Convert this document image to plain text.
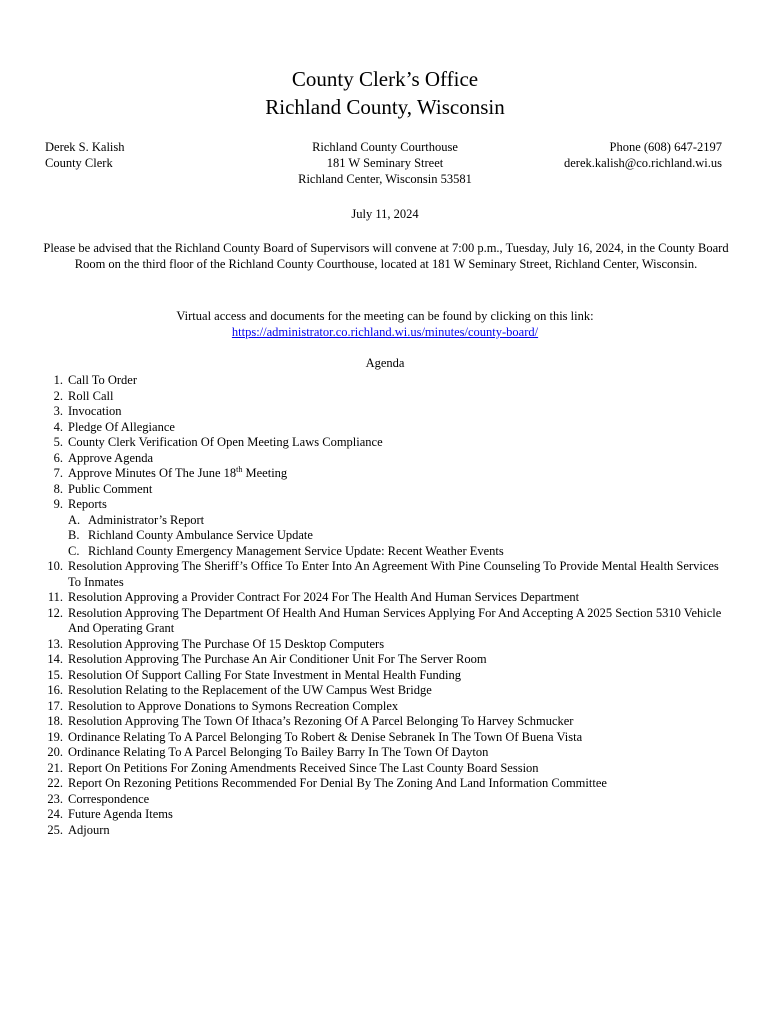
County Clerk’s Office
Richland County, Wisconsin
Derek S. Kalish
County Clerk
Richland County Courthouse
181 W Seminary Street
Richland Center, Wisconsin 53581
Phone (608) 647-2197
derek.kalish@co.richland.wi.us
July 11, 2024
Please be advised that the Richland County Board of Supervisors will convene at 7:00 p.m., Tuesday, July 16, 2024, in the County Board Room on the third floor of the Richland County Courthouse, located at 181 W Seminary Street, Richland Center, Wisconsin.
Virtual access and documents for the meeting can be found by clicking on this link:
https://administrator.co.richland.wi.us/minutes/county-board/
Agenda
1. Call To Order
2. Roll Call
3. Invocation
4. Pledge Of Allegiance
5. County Clerk Verification Of Open Meeting Laws Compliance
6. Approve Agenda
7. Approve Minutes Of The June 18th Meeting
8. Public Comment
9. Reports
A. Administrator’s Report
B. Richland County Ambulance Service Update
C. Richland County Emergency Management Service Update: Recent Weather Events
10. Resolution Approving The Sheriff’s Office To Enter Into An Agreement With Pine Counseling To Provide Mental Health Services To Inmates
11. Resolution Approving a Provider Contract For 2024 For The Health And Human Services Department
12. Resolution Approving The Department Of Health And Human Services Applying For And Accepting A 2025 Section 5310 Vehicle And Operating Grant
13. Resolution Approving The Purchase Of 15 Desktop Computers
14. Resolution Approving The Purchase An Air Conditioner Unit For The Server Room
15. Resolution Of Support Calling For State Investment in Mental Health Funding
16. Resolution Relating to the Replacement of the UW Campus West Bridge
17. Resolution to Approve Donations to Symons Recreation Complex
18. Resolution Approving The Town Of Ithaca’s Rezoning Of A Parcel Belonging To Harvey Schmucker
19. Ordinance Relating To A Parcel Belonging To Robert & Denise Sebranek In The Town Of Buena Vista
20. Ordinance Relating To A Parcel Belonging To Bailey Barry In The Town Of Dayton
21. Report On Petitions For Zoning Amendments Received Since The Last County Board Session
22. Report On Rezoning Petitions Recommended For Denial By The Zoning And Land Information Committee
23. Correspondence
24. Future Agenda Items
25. Adjourn
